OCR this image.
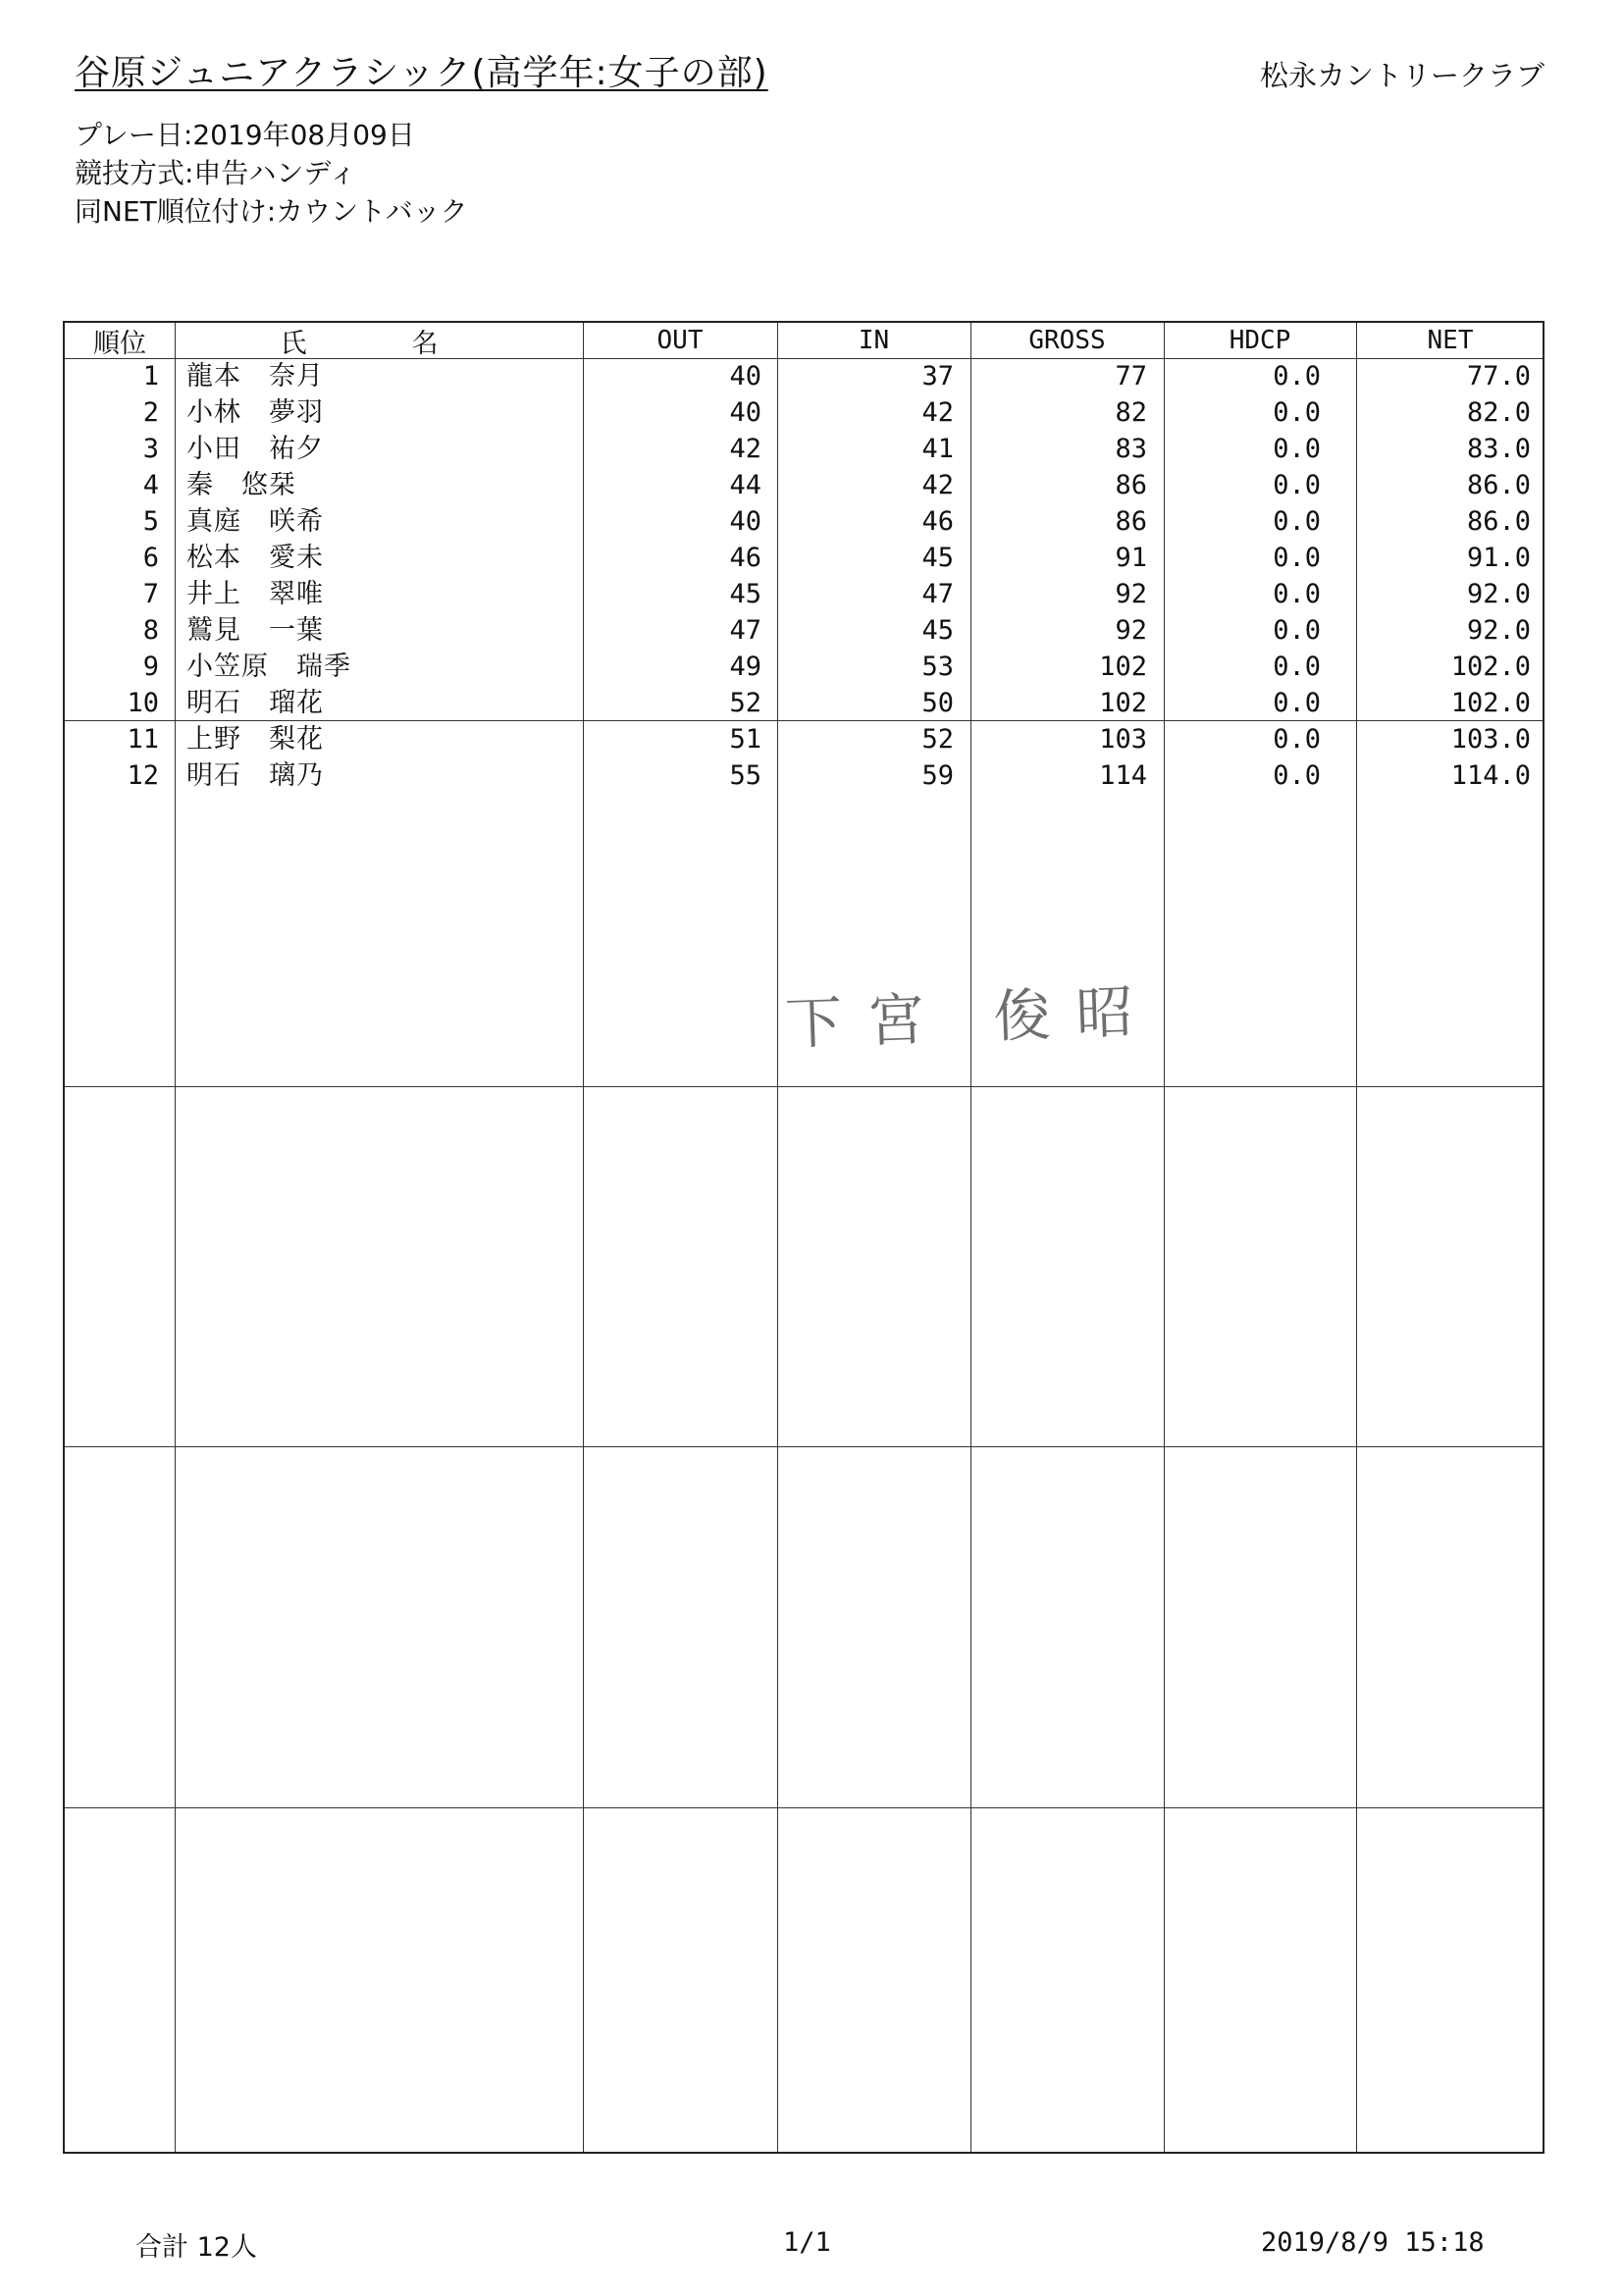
谷原ジュニアクラシック(高学年:女子の部)	松永カントリークラブ
プレー日:2019年08月09日
競技方式:申告ハンディ
同NET順位付け:カウントバック
順位	氏　名	OUT	IN	GROSS	HDCP	NET
1 龍本　奈月	40	37	77	0.0	77.0
2 小林　夢羽	40	42	82	0.0	82.0
3 小田　祐夕	42	41	83	0.0	83.0
4 秦　悠栞	44	42	86	0.0	86.0
5 真庭　咲希	40	46	86	0.0	86.0
6 松本　愛未	46	45	91	0.0	91.0
7 井上　翠唯	45	47	92	0.0	92.0
8 鷲見　一葉	47	45	92	0.0	92.0
9 小笠原　瑞季	49	53	102	0.0	102.0
10 明石　瑠花	52	50	102	0.0	102.0
11 上野　梨花	51	52	103	0.0	103.0
12 明石　璃乃	55	59	114	0.0	114.0
下宮 俊昭
合計 12人	1/1	2019/8/9 15:18
